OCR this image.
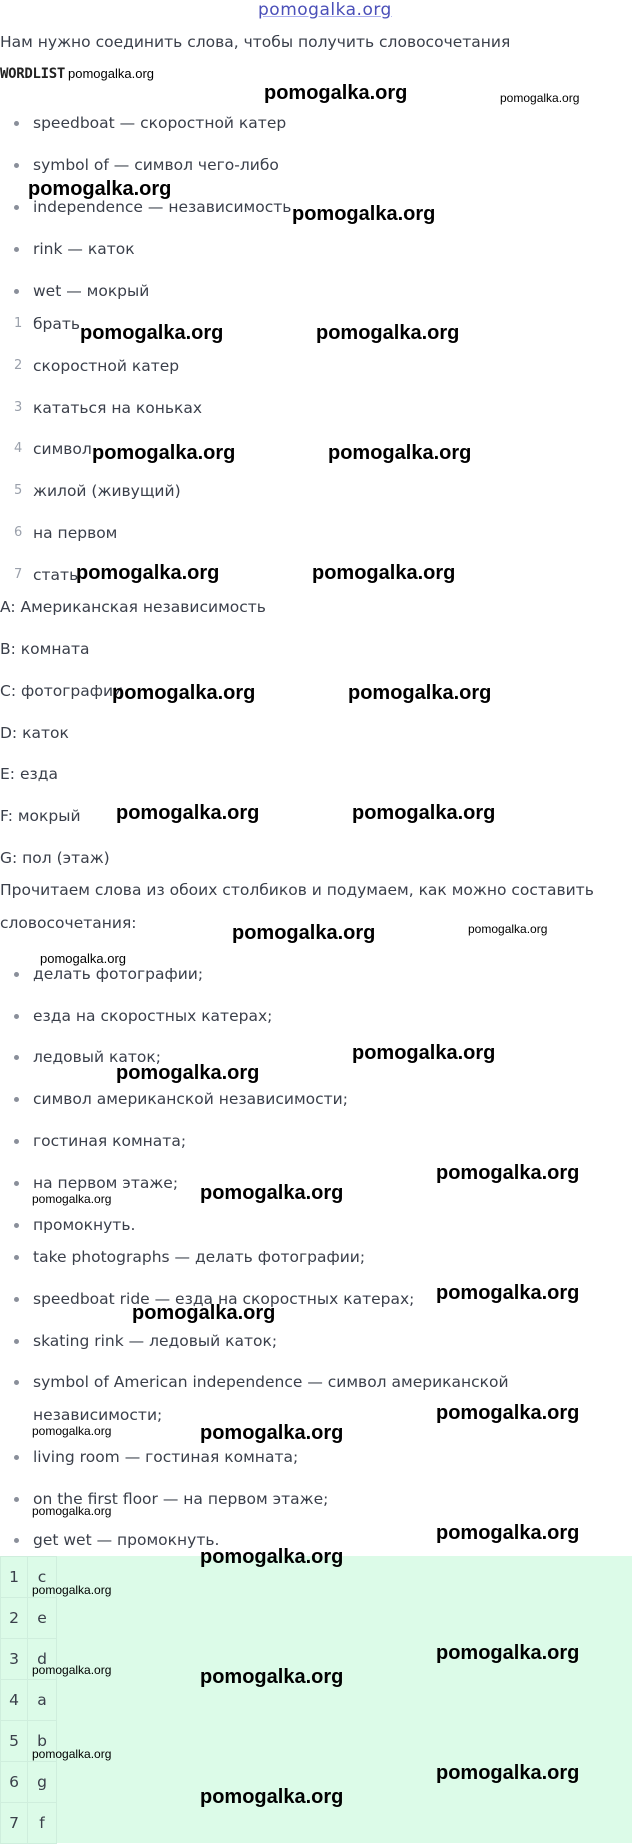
pomogalka.org
Нам нужно соединить слова, чтобы получить словосочетания
WORDLIST pomogalka.org
speedboat — скоростной катер
symbol of — символ чего-либо
independence — независимость
rink — каток
wet — мокрый
1 брать
2 скоростной катер
3 кататься на коньках
4 символ
5 жилой (живущий)
6 на первом
7 стать
A: Американская независимость
B: комната
C: фотографии
D: каток
E: езда
F: мокрый
G: пол (этаж)
Прочитаем слова из обоих столбиков и подумаем, как можно составить
словосочетания:
делать фотографии;
езда на скоростных катерах;
ледовый каток;
символ американской независимости;
гостиная комната;
на первом этаже;
промокнуть.
take photographs — делать фотографии;
speedboat ride — езда на скоростных катерах;
skating rink — ледовый каток;
symbol of American independence — символ американской
независимости;
living room — гостиная комната;
on the first floor — на первом этаже;
get wet — промокнуть.
1	c
2	e
3	d
4	a
5	b
6	g
7	f
pomogalka.org	pomogalka.org
pomogalka.org
pomogalka.org
pomogalka.org	pomogalka.org
pomogalka.org	pomogalka.org
pomogalka.org	pomogalka.org
pomogalka.org	pomogalka.org
pomogalka.org	pomogalka.org
pomogalka.org	pomogalka.org
pomogalka.org
pomogalka.org
pomogalka.org
pomogalka.org
pomogalka.org	pomogalka.org
pomogalka.org
pomogalka.org
pomogalka.org
pomogalka.org	pomogalka.org
pomogalka.org
pomogalka.org
pomogalka.org
pomogalka.org
pomogalka.org
pomogalka.org	pomogalka.org
pomogalka.org
pomogalka.org
pomogalka.org
